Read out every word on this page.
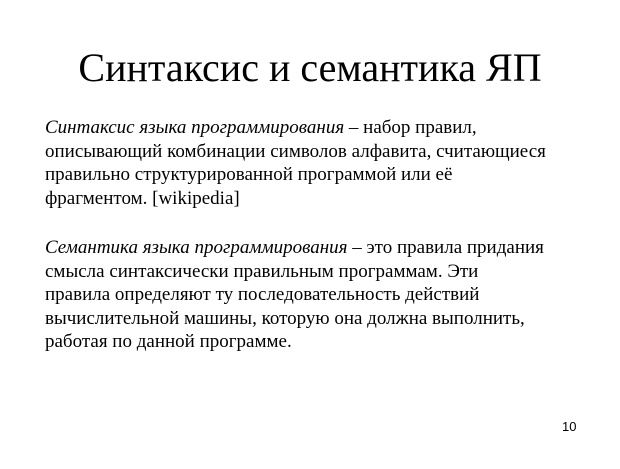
Синтаксис и семантика ЯП

Синтаксис языка программирования – набор правил,
описывающий комбинации символов алфавита, считающиеся
правильно структурированной программой или её
фрагментом. [wikipedia]

Семантика языка программирования – это правила придания
смысла синтаксически правильным программам. Эти
правила определяют ту последовательность действий
вычислительной машины, которую она должна выполнить,
работая по данной программе.

10
